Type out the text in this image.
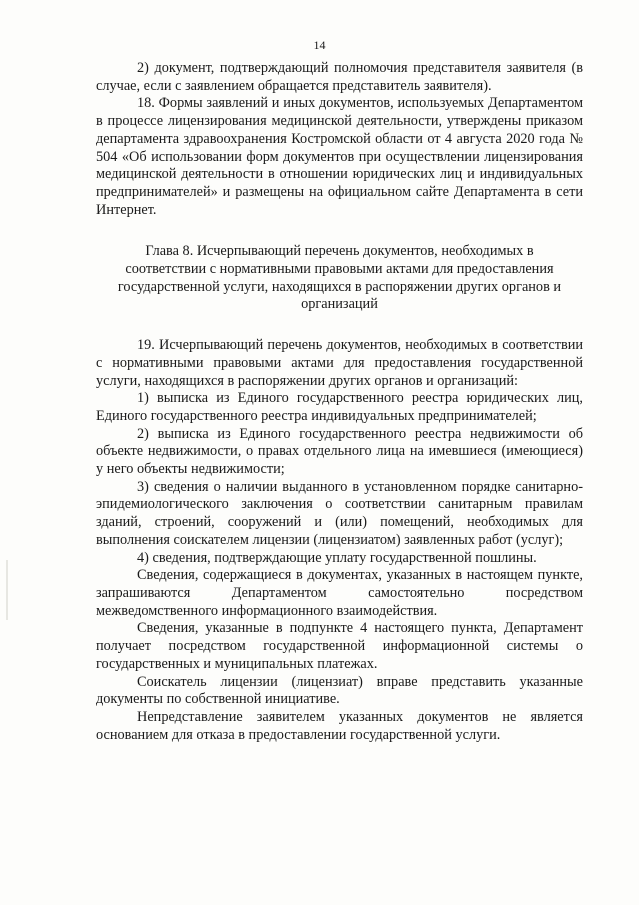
14

2) документ, подтверждающий полномочия представителя заявителя (в случае, если с заявлением обращается представитель заявителя).

18. Формы заявлений и иных документов, используемых Департаментом в процессе лицензирования медицинской деятельности, утверждены приказом департамента здравоохранения Костромской области от 4 августа 2020 года № 504 «Об использовании форм документов при осуществлении лицензирования медицинской деятельности в отношении юридических лиц и индивидуальных предпринимателей» и размещены на официальном сайте Департамента в сети Интернет.

Глава 8. Исчерпывающий перечень документов, необходимых в
соответствии с нормативными правовыми актами для предоставления
государственной услуги, находящихся в распоряжении других органов и
организаций

19. Исчерпывающий перечень документов, необходимых в соответствии с нормативными правовыми актами для предоставления государственной услуги, находящихся в распоряжении других органов и организаций:

1) выписка из Единого государственного реестра юридических лиц, Единого государственного реестра индивидуальных предпринимателей;

2) выписка из Единого государственного реестра недвижимости об объекте недвижимости, о правах отдельного лица на имевшиеся (имеющиеся) у него объекты недвижимости;

3) сведения о наличии выданного в установленном порядке санитарно-эпидемиологического заключения о соответствии санитарным правилам зданий, строений, сооружений и (или) помещений, необходимых для выполнения соискателем лицензии (лицензиатом) заявленных работ (услуг);

4) сведения, подтверждающие уплату государственной пошлины.

Сведения, содержащиеся в документах, указанных в настоящем пункте, запрашиваются Департаментом самостоятельно посредством межведомственного информационного взаимодействия.

Сведения, указанные в подпункте 4 настоящего пункта, Департамент получает посредством государственной информационной системы о государственных и муниципальных платежах.

Соискатель лицензии (лицензиат) вправе представить указанные документы по собственной инициативе.

Непредставление заявителем указанных документов не является основанием для отказа в предоставлении государственной услуги.
